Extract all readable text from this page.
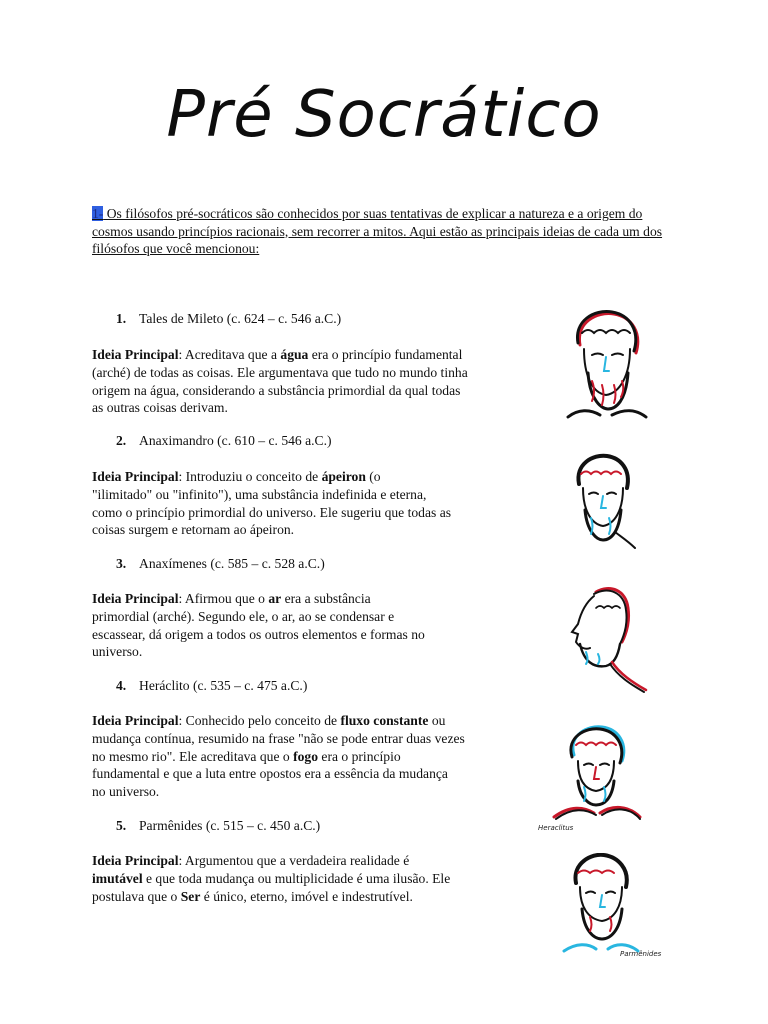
Pré Socrático

1- Os filósofos pré-socráticos são conhecidos por suas tentativas de explicar a natureza e a origem do cosmos usando princípios racionais, sem recorrer a mitos. Aqui estão as principais ideias de cada um dos filósofos que você mencionou:

1. Tales de Mileto (c. 624 – c. 546 a.C.)
Ideia Principal: Acreditava que a água era o princípio fundamental
(arché) de todas as coisas. Ele argumentava que tudo no mundo tinha
origem na água, considerando a substância primordial da qual todas
as outras coisas derivam.
2. Anaximandro (c. 610 – c. 546 a.C.)
Ideia Principal: Introduziu o conceito de ápeiron (o
"ilimitado" ou "infinito"), uma substância indefinida e eterna,
como o princípio primordial do universo. Ele sugeriu que todas as
coisas surgem e retornam ao ápeiron.
3. Anaxímenes (c. 585 – c. 528 a.C.)
Ideia Principal: Afirmou que o ar era a substância
primordial (arché). Segundo ele, o ar, ao se condensar e
escassear, dá origem a todos os outros elementos e formas no
universo.
4. Heráclito (c. 535 – c. 475 a.C.)
Ideia Principal: Conhecido pelo conceito de fluxo constante ou
mudança contínua, resumido na frase "não se pode entrar duas vezes
no mesmo rio". Ele acreditava que o fogo era o princípio
fundamental e que a luta entre opostos era a essência da mudança
no universo.
5. Parmênides (c. 515 – c. 450 a.C.)
Ideia Principal: Argumentou que a verdadeira realidade é
imutável e que toda mudança ou multiplicidade é uma ilusão. Ele
postulava que o Ser é único, eterno, imóvel e indestrutível.
Heraclitus
Parmênides
